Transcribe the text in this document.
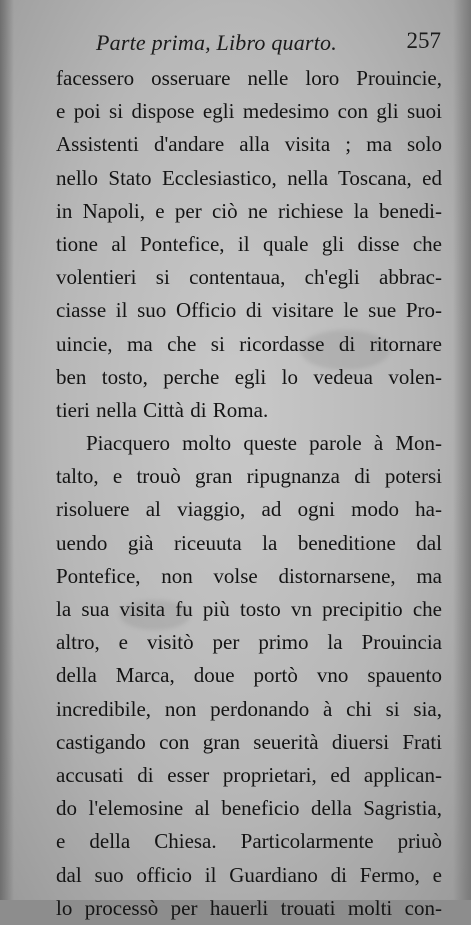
Parte prima, Libro quarto.	257
facessero osseruare nelle loro Prouincie,
e poi si dispose egli medesimo con gli suoi
Assistenti d'andare alla visita ; ma solo
nello Stato Ecclesiastico, nella Toscana, ed
in Napoli, e per ciò ne richiese la benedi-
tione al Pontefice, il quale gli disse che
volentieri si contentaua, ch'egli abbrac-
ciasse il suo Officio di visitare le sue Pro-
uincie, ma che si ricordasse di ritornare
ben tosto, perche egli lo vedeua volen-
tieri nella Città di Roma.
Piacquero molto queste parole à Mon-
talto, e trouò gran ripugnanza di potersi
risoluere al viaggio, ad ogni modo ha-
uendo già riceuuta la beneditione dal
Pontefice, non volse distornarsene, ma
la sua visita fu più tosto vn precipitio che
altro, e visitò per primo la Prouincia
della Marca, doue portò vno spauento
incredibile, non perdonando à chi si sia,
castigando con gran seuerità diuersi Frati
accusati di esser proprietari, ed applican-
do l'elemosine al beneficio della Sagristia,
e della Chiesa. Particolarmente priuò
dal suo officio il Guardiano di Fermo, e
lo processò per hauerli trouati molti con-
